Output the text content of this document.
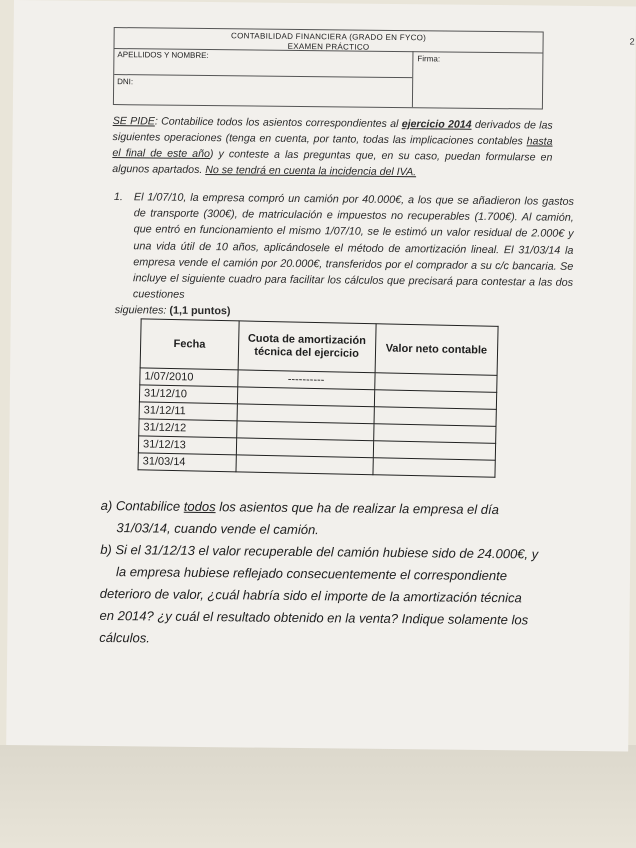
2
CONTABILIDAD FINANCIERA (GRADO EN FYCO)
EXAMEN PRÁCTICO
APELLIDOS Y NOMBRE:	Firma:
DNI:
SE PIDE: Contabilice todos los asientos correspondientes al ejercicio 2014 derivados de las siguientes operaciones (tenga en cuenta, por tanto, todas las implicaciones contables hasta el final de este año) y conteste a las preguntas que, en su caso, puedan formularse en algunos apartados. No se tendrá en cuenta la incidencia del IVA.
1.	El 1/07/10, la empresa compró un camión por 40.000€, a los que se añadieron los gastos de transporte (300€), de matriculación e impuestos no recuperables (1.700€). Al camión, que entró en funcionamiento el mismo 1/07/10, se le estimó un valor residual de 2.000€ y una vida útil de 10 años, aplicándosele el método de amortización lineal. El 31/03/14 la empresa vende el camión por 20.000€, transferidos por el comprador a su c/c bancaria. Se incluye el siguiente cuadro para facilitar los cálculos que precisará para contestar a las dos cuestiones
siguientes: (1,1 puntos)
Fecha	Cuota de amortización técnica del ejercicio	Valor neto contable
1/07/2010	----------	
31/12/10		
31/12/11		
31/12/12		
31/12/13		
31/03/14		
a) Contabilice todos los asientos que ha de realizar la empresa el día
31/03/14, cuando vende el camión.
b) Si el 31/12/13 el valor recuperable del camión hubiese sido de 24.000€, y
la empresa hubiese reflejado consecuentemente el correspondiente
deterioro de valor, ¿cuál habría sido el importe de la amortización técnica
en 2014? ¿y cuál el resultado obtenido en la venta? Indique solamente los
cálculos.
